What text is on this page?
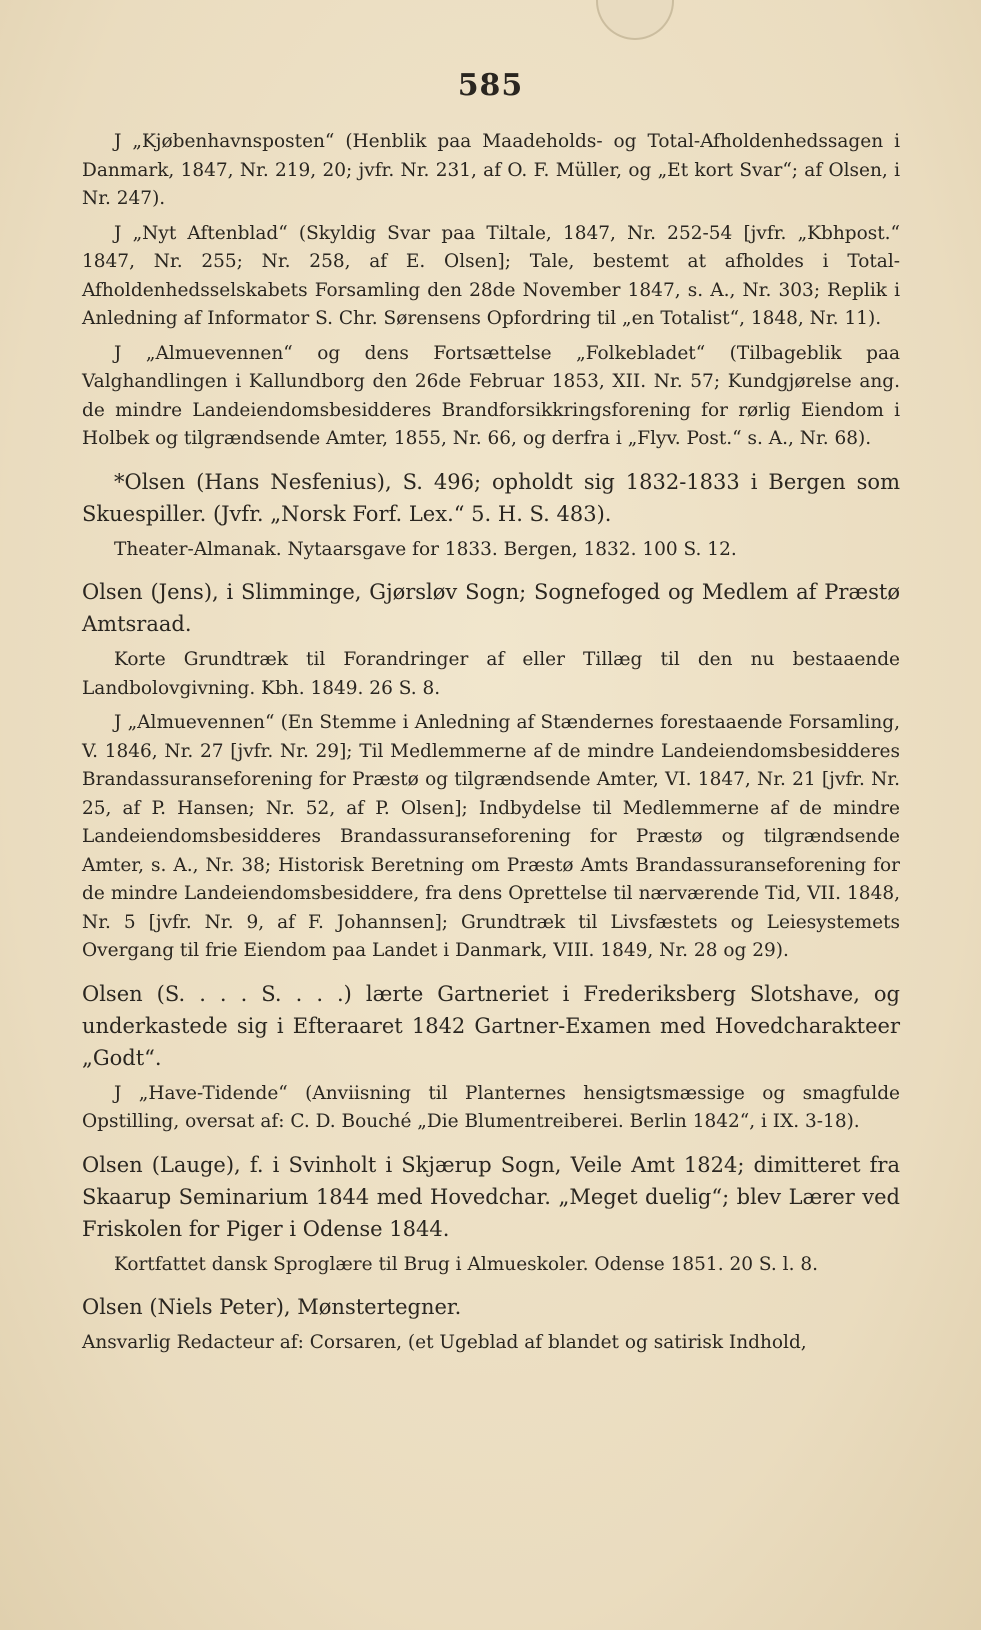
585

J „Kjøbenhavnsposten“ (Henblik paa Maadeholds- og Total-Afholdenhedssagen i Danmark, 1847, Nr. 219, 20; jvfr. Nr. 231, af O. F. Müller, og „Et kort Svar“; af Olsen, i Nr. 247).

J „Nyt Aftenblad“ (Skyldig Svar paa Tiltale, 1847, Nr. 252-54 [jvfr. „Kbhpost.“ 1847, Nr. 255; Nr. 258, af E. Olsen]; Tale, bestemt at afholdes i Total-Afholdenhedsselskabets Forsamling den 28de November 1847, s. A., Nr. 303; Replik i Anledning af Informator S. Chr. Sørensens Opfordring til „en Totalist“, 1848, Nr. 11).

J „Almuevennen“ og dens Fortsættelse „Folkebladet“ (Tilbageblik paa Valghandlingen i Kallundborg den 26de Februar 1853, XII. Nr. 57; Kundgjørelse ang. de mindre Landeiendomsbesidderes Brandforsikkringsforening for rørlig Eiendom i Holbek og tilgrændsende Amter, 1855, Nr. 66, og derfra i „Flyv. Post.“ s. A., Nr. 68).

*Olsen (Hans Nesfenius), S. 496; opholdt sig 1832-1833 i Bergen som Skuespiller. (Jvfr. „Norsk Forf. Lex.“ 5. H. S. 483).

Theater-Almanak. Nytaarsgave for 1833. Bergen, 1832. 100 S. 12.

Olsen (Jens), i Slimminge, Gjørsløv Sogn; Sognefoged og Medlem af Præstø Amtsraad.

Korte Grundtræk til Forandringer af eller Tillæg til den nu bestaaende Landbolovgivning. Kbh. 1849. 26 S. 8.

J „Almuevennen“ (En Stemme i Anledning af Stændernes forestaaende Forsamling, V. 1846, Nr. 27 [jvfr. Nr. 29]; Til Medlemmerne af de mindre Landeiendomsbesidderes Brandassuranseforening for Præstø og tilgrændsende Amter, VI. 1847, Nr. 21 [jvfr. Nr. 25, af P. Hansen; Nr. 52, af P. Olsen]; Indbydelse til Medlemmerne af de mindre Landeiendomsbesidderes Brandassuranseforening for Præstø og tilgrændsende Amter, s. A., Nr. 38; Historisk Beretning om Præstø Amts Brandassuranseforening for de mindre Landeiendomsbesiddere, fra dens Oprettelse til nærværende Tid, VII. 1848, Nr. 5 [jvfr. Nr. 9, af F. Johannsen]; Grundtræk til Livsfæstets og Leiesystemets Overgang til frie Eiendom paa Landet i Danmark, VIII. 1849, Nr. 28 og 29).

Olsen (S. . . . S. . . .) lærte Gartneriet i Frederiksberg Slotshave, og underkastede sig i Efteraaret 1842 Gartner-Examen med Hovedcharakteer „Godt“.

J „Have-Tidende“ (Anviisning til Planternes hensigtsmæssige og smagfulde Opstilling, oversat af: C. D. Bouché „Die Blumentreiberei. Berlin 1842“, i IX. 3-18).

Olsen (Lauge), f. i Svinholt i Skjærup Sogn, Veile Amt 1824; dimitteret fra Skaarup Seminarium 1844 med Hovedchar. „Meget duelig“; blev Lærer ved Friskolen for Piger i Odense 1844.

Kortfattet dansk Sproglære til Brug i Almueskoler. Odense 1851. 20 S. l. 8.

Olsen (Niels Peter), Mønstertegner.

Ansvarlig Redacteur af: Corsaren, (et Ugeblad af blandet og satirisk Indhold,
